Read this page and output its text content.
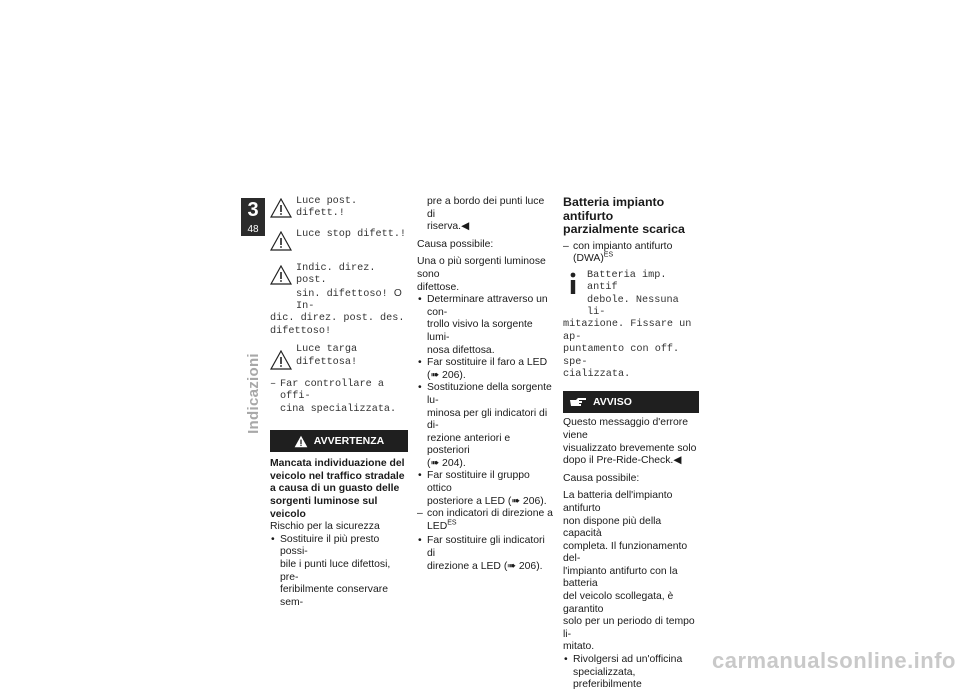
3
48
Indicazioni
Luce post. difett.!
Luce stop difett.!
Indic. direz. post.
sin. difettoso! O In-
dic. direz. post. des.
difettoso!
Luce targa difettosa!
– Far controllare a offi-
cina specializzata.
AVVERTENZA
Mancata individuazione del
veicolo nel traffico stradale
a causa di un guasto delle
sorgenti luminose sul veicolo

Rischio per la sicurezza

• Sostituire il più presto possi-
bile i punti luce difettosi, pre-
feribilmente conservare sem-
pre a bordo dei punti luce di
riserva.◀

Causa possibile:

Una o più sorgenti luminose sono

difettose.

• Determinare attraverso un con-
trollo visivo la sorgente lumi-
nosa difettosa.
• Far sostituire il faro a LED
(➠ 206).
• Sostituzione della sorgente lu-
minosa per gli indicatori di di-
rezione anteriori e posteriori
(➠ 204).
• Far sostituire il gruppo ottico
posteriore a LED (➠ 206).
– con indicatori di direzione a
$LED^{ES}$
• Far sostituire gli indicatori di
direzione a LED (➠ 206).
Batteria impianto antifurto
parzialmente scarica
– con impianto antifurto (DWA)$^{ES}$
Batteria imp. antif
debole. Nessuna li-
mitazione. Fissare un ap-
puntamento con off. spe-
cializzata.
AVVISO

Questo messaggio d'errore viene

visualizzato brevemente solo

dopo il Pre-Ride-Check.◀

Causa possibile:

La batteria dell'impianto antifurto

non dispone più della capacità

completa. Il funzionamento del-

l'impianto antifurto con la batteria

del veicolo scollegata, è garantito

solo per un periodo di tempo li-

mitato.

• Rivolgersi ad un'officina
specializzata, preferibilmente
carmanualsonline.info
